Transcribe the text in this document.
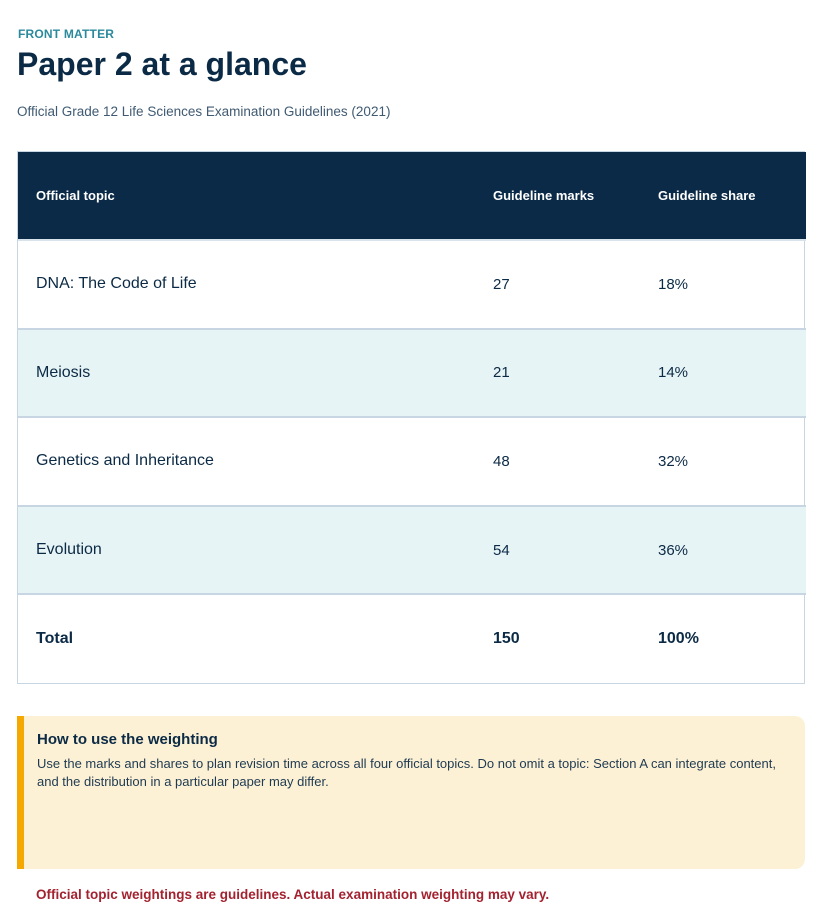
FRONT MATTER
Paper 2 at a glance
Official Grade 12 Life Sciences Examination Guidelines (2021)
Official topic	Guideline marks	Guideline share
DNA: The Code of Life	27	18%
Meiosis	21	14%
Genetics and Inheritance	48	32%
Evolution	54	36%
Total	150	100%
How to use the weighting
Use the marks and shares to plan revision time across all four official topics. Do not omit a topic: Section A can integrate content, and the distribution in a particular paper may differ.
Official topic weightings are guidelines. Actual examination weighting may vary.
